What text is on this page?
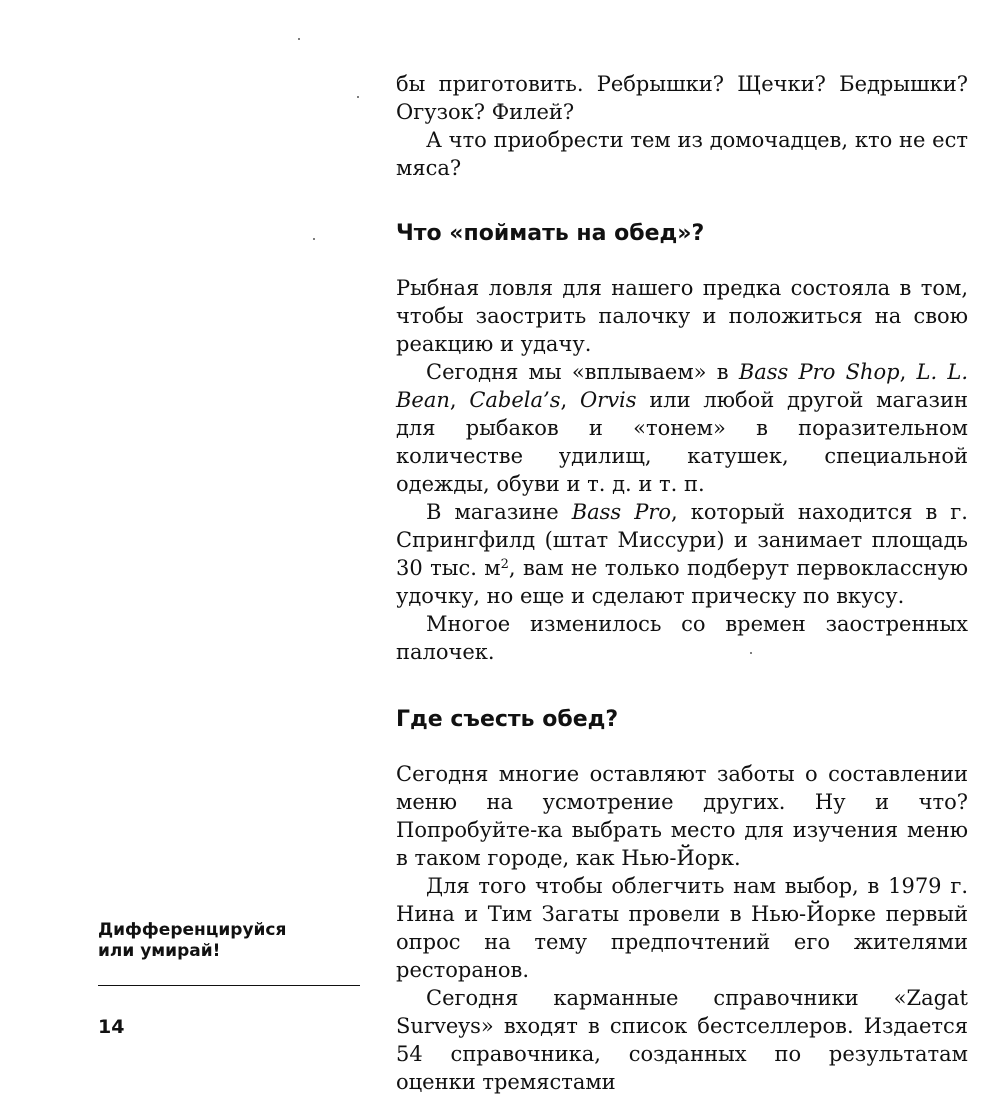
бы приготовить. Ребрышки? Щечки? Бедрышки? Огузок? Филей?

А что приобрести тем из домочадцев, кто не ест мяса?

Что «поймать на обед»?

Рыбная ловля для нашего предка состояла в том, чтобы заострить палочку и положиться на свою реакцию и удачу.

Сегодня мы «вплываем» в Bass Pro Shop, L. L. Bean, Cabela’s, Orvis или любой другой магазин для рыбаков и «тонем» в поразительном количестве удилищ, катушек, специальной одежды, обуви и т. д. и т. п.

В магазине Bass Pro, который находится в г. Спрингфилд (штат Миссури) и занимает площадь 30 тыс. $м^2$, вам не только подберут первоклассную удочку, но еще и сделают прическу по вкусу.

Многое изменилось со времен заостренных палочек.

Где съесть обед?

Сегодня многие оставляют заботы о составлении меню на усмотрение других. Ну и что? Попробуйте-ка выбрать место для изучения меню в таком городе, как Нью-Йорк.

Для того чтобы облегчить нам выбор, в 1979 г. Нина и Тим Загаты провели в Нью-Йорке первый опрос на тему предпочтений его жителями ресторанов.

Сегодня карманные справочники «Zagat Surveys» входят в список бестселлеров. Издается 54 справочника, созданных по результатам оценки тремястами

Дифференцируйся
или умирай!
14
